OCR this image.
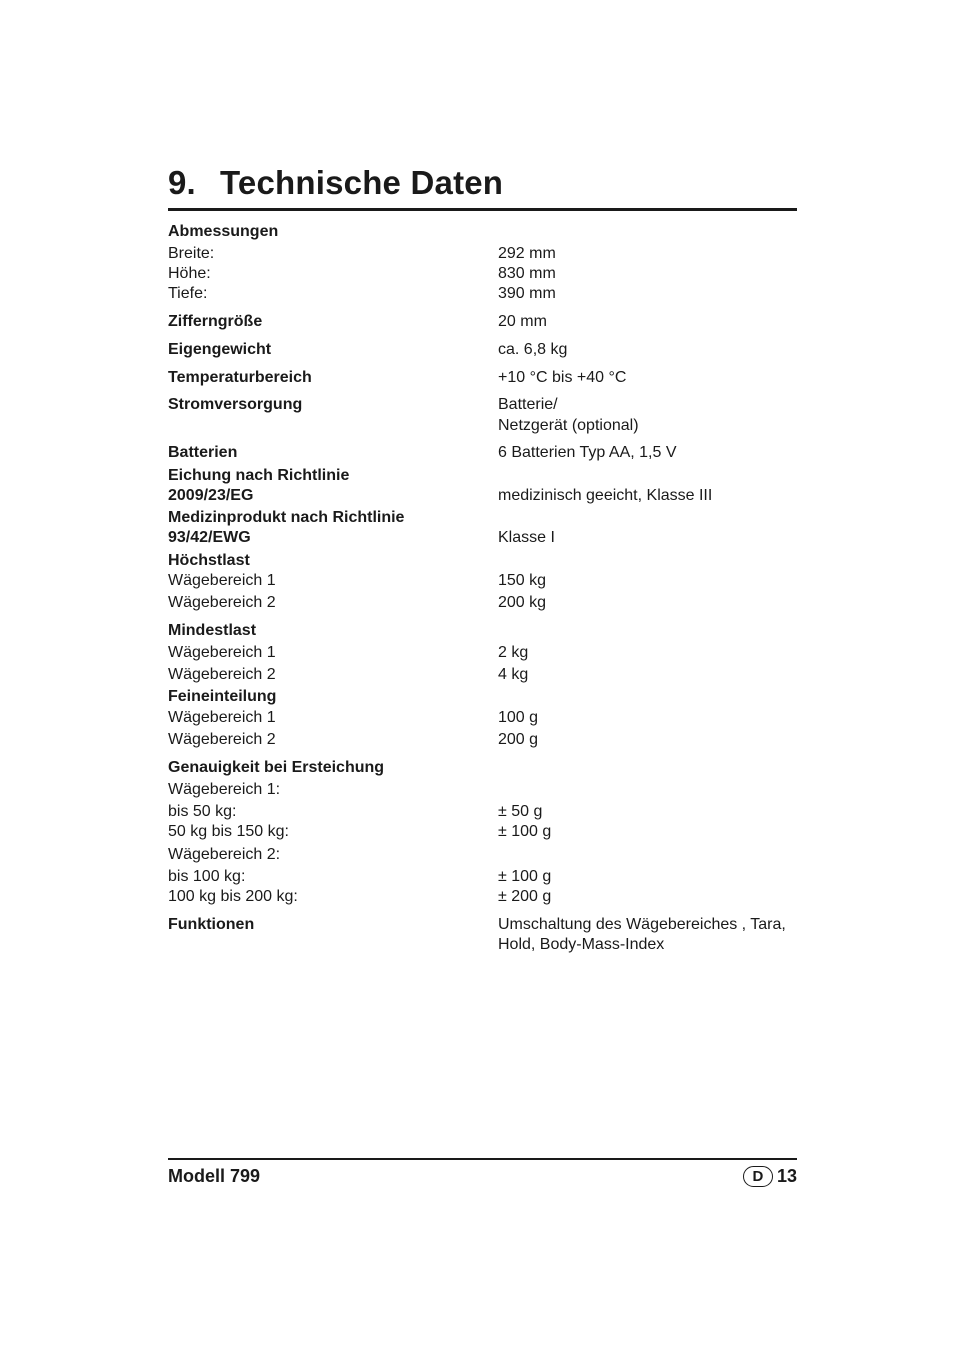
9. Technische Daten
Abmessungen
Breite:	292 mm
Höhe:	830 mm
Tiefe:	390 mm
Zifferngröße	20 mm
Eigengewicht	ca. 6,8 kg
Temperaturbereich	+10 °C bis +40 °C
Stromversorgung	Batterie/
Netzgerät (optional)
Batterien	6 Batterien Typ AA, 1,5 V
Eichung nach Richtlinie
2009/23/EG	medizinisch geeicht, Klasse III
Medizinprodukt nach Richtlinie
93/42/EWG	Klasse I
Höchstlast
Wägebereich 1	150 kg
Wägebereich 2	200 kg
Mindestlast
Wägebereich 1	2 kg
Wägebereich 2	4 kg
Feineinteilung
Wägebereich 1	100 g
Wägebereich 2	200 g
Genauigkeit bei Ersteichung
Wägebereich 1:
bis 50 kg:	± 50 g
50 kg bis 150 kg:	± 100 g
Wägebereich 2:
bis 100 kg:	± 100 g
100 kg bis 200 kg:	± 200 g
Funktionen	Umschaltung des Wägebereiches , Tara,
Hold, Body-Mass-Index
Modell 799	D 13
